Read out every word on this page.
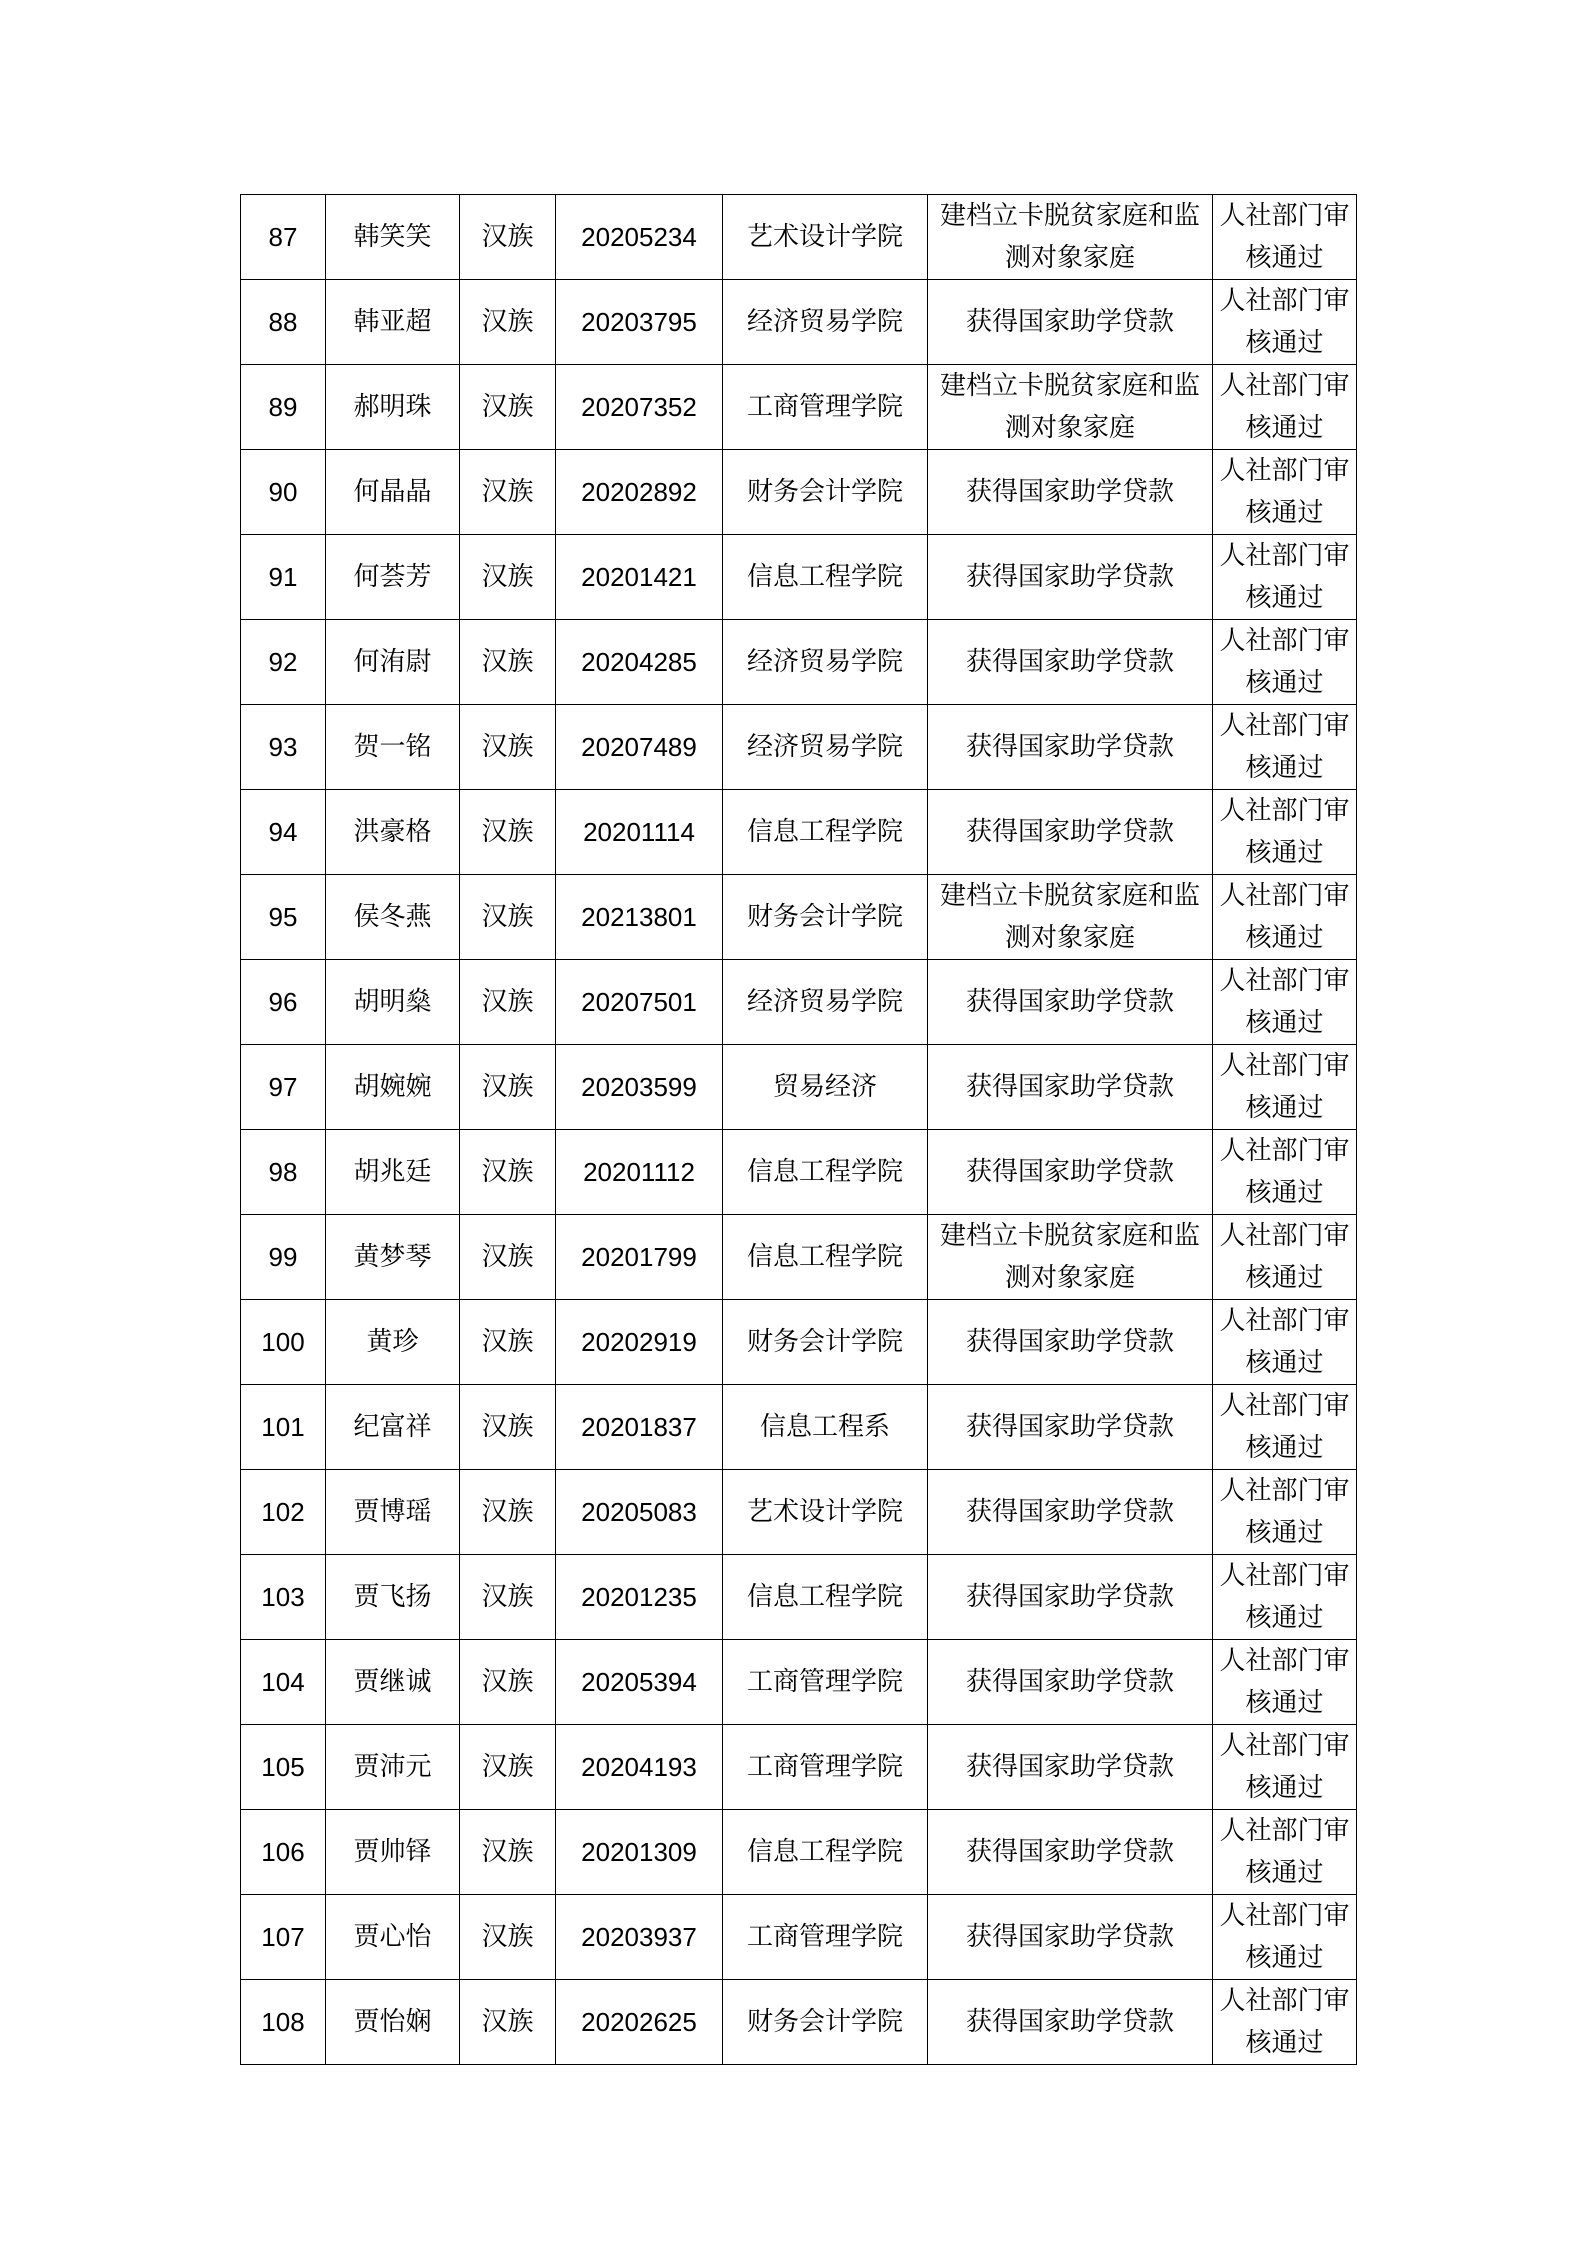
87	韩笑笑	汉族	20205234	艺术设计学院	建档立卡脱贫家庭和监测对象家庭	人社部门审核通过
88	韩亚超	汉族	20203795	经济贸易学院	获得国家助学贷款	人社部门审核通过
89	郝明珠	汉族	20207352	工商管理学院	建档立卡脱贫家庭和监测对象家庭	人社部门审核通过
90	何晶晶	汉族	20202892	财务会计学院	获得国家助学贷款	人社部门审核通过
91	何荟芳	汉族	20201421	信息工程学院	获得国家助学贷款	人社部门审核通过
92	何洧尉	汉族	20204285	经济贸易学院	获得国家助学贷款	人社部门审核通过
93	贺一铭	汉族	20207489	经济贸易学院	获得国家助学贷款	人社部门审核通过
94	洪豪格	汉族	20201114	信息工程学院	获得国家助学贷款	人社部门审核通过
95	侯冬燕	汉族	20213801	财务会计学院	建档立卡脱贫家庭和监测对象家庭	人社部门审核通过
96	胡明燊	汉族	20207501	经济贸易学院	获得国家助学贷款	人社部门审核通过
97	胡婉婉	汉族	20203599	贸易经济	获得国家助学贷款	人社部门审核通过
98	胡兆廷	汉族	20201112	信息工程学院	获得国家助学贷款	人社部门审核通过
99	黄梦琴	汉族	20201799	信息工程学院	建档立卡脱贫家庭和监测对象家庭	人社部门审核通过
100	黄珍	汉族	20202919	财务会计学院	获得国家助学贷款	人社部门审核通过
101	纪富祥	汉族	20201837	信息工程系	获得国家助学贷款	人社部门审核通过
102	贾博瑶	汉族	20205083	艺术设计学院	获得国家助学贷款	人社部门审核通过
103	贾飞扬	汉族	20201235	信息工程学院	获得国家助学贷款	人社部门审核通过
104	贾继诚	汉族	20205394	工商管理学院	获得国家助学贷款	人社部门审核通过
105	贾沛元	汉族	20204193	工商管理学院	获得国家助学贷款	人社部门审核通过
106	贾帅铎	汉族	20201309	信息工程学院	获得国家助学贷款	人社部门审核通过
107	贾心怡	汉族	20203937	工商管理学院	获得国家助学贷款	人社部门审核通过
108	贾怡娴	汉族	20202625	财务会计学院	获得国家助学贷款	人社部门审核通过
